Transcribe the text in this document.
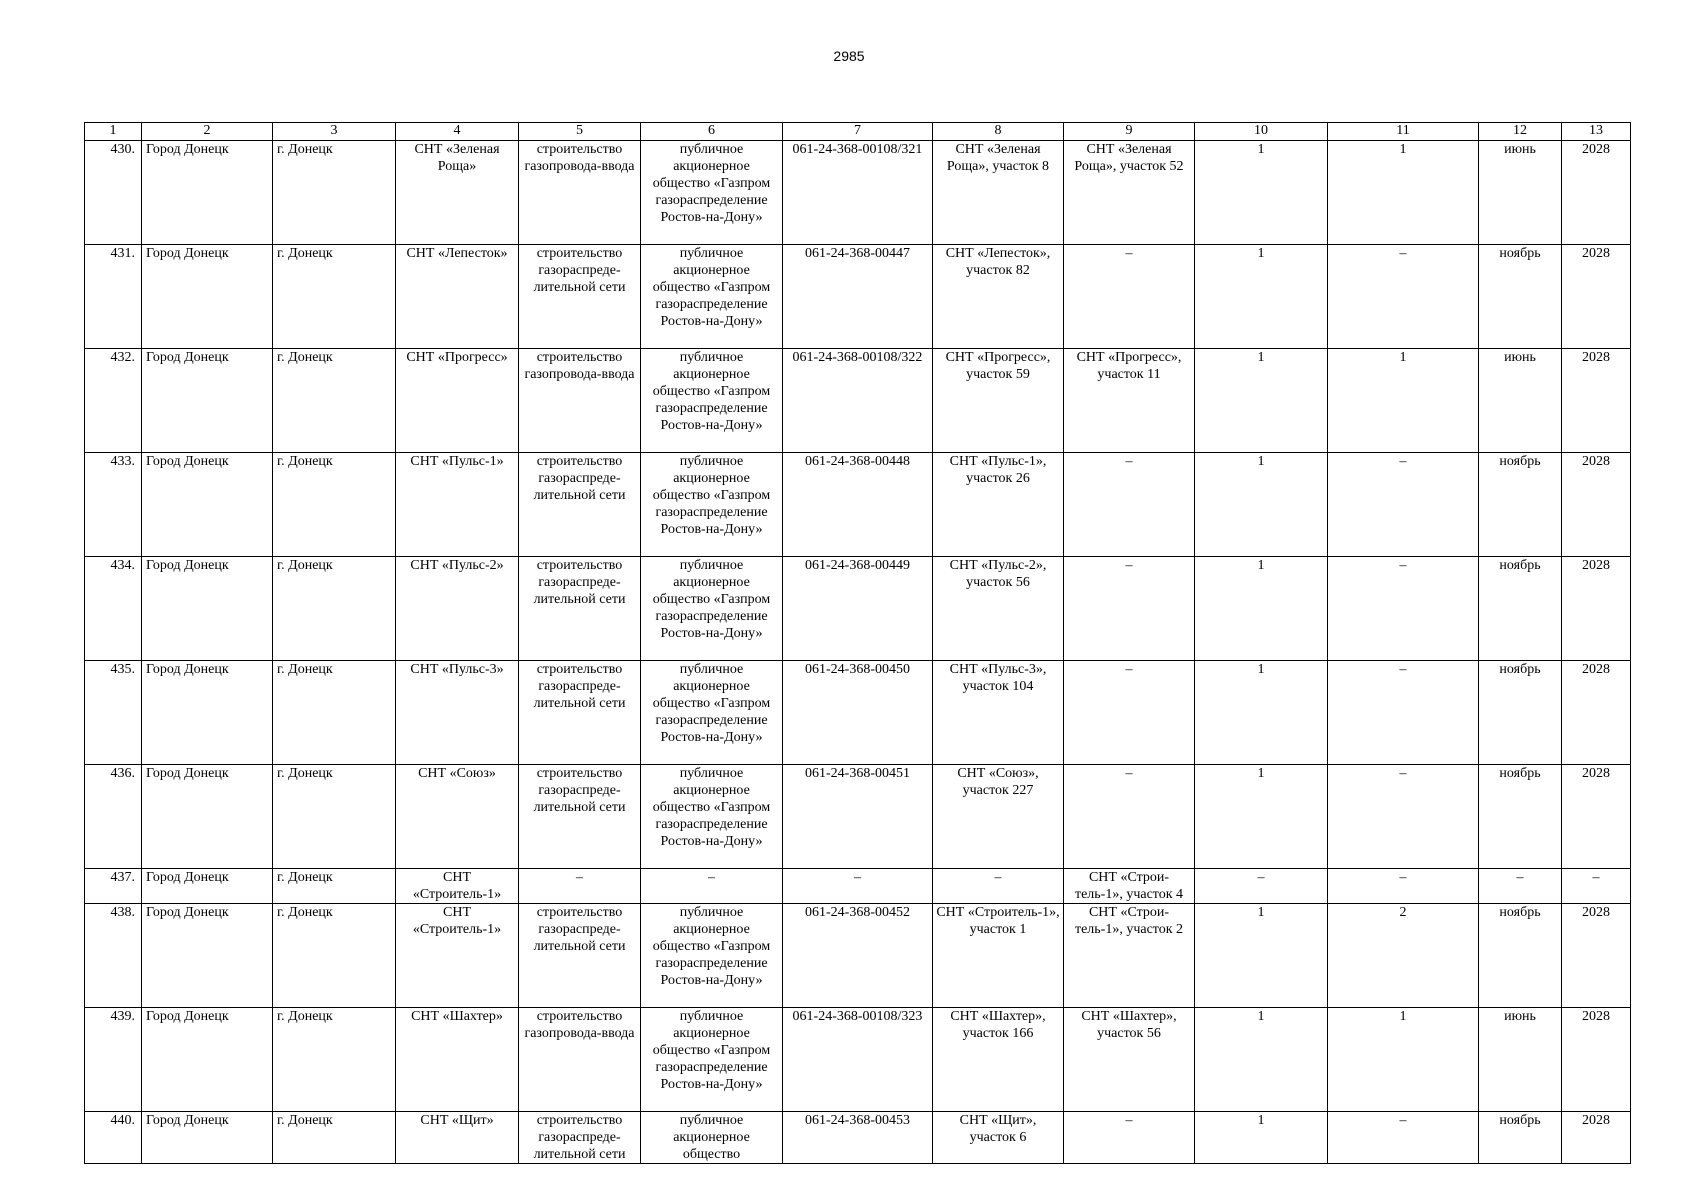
2985
1	2	3	4	5	6	7	8	9	10	11	12	13
430.	Город Донецк	г. Донецк	СНТ «Зеленая Роща»	строительство газопровода-ввода	публичное акционерное общество «Газпром газораспределение Ростов-на-Дону»	061-24-368-00108/321	СНТ «Зеленая Роща», участок 8	СНТ «Зеленая Роща», участок 52	1	1	июнь	2028
431.	Город Донецк	г. Донецк	СНТ «Лепесток»	строительство газораспреде-лительной сети	публичное акционерное общество «Газпром газораспределение Ростов-на-Дону»	061-24-368-00447	СНТ «Лепесток», участок 82	–	1	–	ноябрь	2028
432.	Город Донецк	г. Донецк	СНТ «Прогресс»	строительство газопровода-ввода	публичное акционерное общество «Газпром газораспределение Ростов-на-Дону»	061-24-368-00108/322	СНТ «Прогресс», участок 59	СНТ «Прогресс», участок 11	1	1	июнь	2028
433.	Город Донецк	г. Донецк	СНТ «Пульс-1»	строительство газораспреде-лительной сети	публичное акционерное общество «Газпром газораспределение Ростов-на-Дону»	061-24-368-00448	СНТ «Пульс-1», участок 26	–	1	–	ноябрь	2028
434.	Город Донецк	г. Донецк	СНТ «Пульс-2»	строительство газораспреде-лительной сети	публичное акционерное общество «Газпром газораспределение Ростов-на-Дону»	061-24-368-00449	СНТ «Пульс-2», участок 56	–	1	–	ноябрь	2028
435.	Город Донецк	г. Донецк	СНТ «Пульс-3»	строительство газораспреде-лительной сети	публичное акционерное общество «Газпром газораспределение Ростов-на-Дону»	061-24-368-00450	СНТ «Пульс-3», участок 104	–	1	–	ноябрь	2028
436.	Город Донецк	г. Донецк	СНТ «Союз»	строительство газораспреде-лительной сети	публичное акционерное общество «Газпром газораспределение Ростов-на-Дону»	061-24-368-00451	СНТ «Союз», участок 227	–	1	–	ноябрь	2028
437.	Город Донецк	г. Донецк	СНТ «Строитель-1»	–	–	–	–	СНТ «Строи-тель-1», участок 4	–	–	–	–
438.	Город Донецк	г. Донецк	СНТ «Строитель-1»	строительство газораспреде-лительной сети	публичное акционерное общество «Газпром газораспределение Ростов-на-Дону»	061-24-368-00452	СНТ «Строитель-1», участок 1	СНТ «Строи-тель-1», участок 2	1	2	ноябрь	2028
439.	Город Донецк	г. Донецк	СНТ «Шахтер»	строительство газопровода-ввода	публичное акционерное общество «Газпром газораспределение Ростов-на-Дону»	061-24-368-00108/323	СНТ «Шахтер», участок 166	СНТ «Шахтер», участок 56	1	1	июнь	2028
440.	Город Донецк	г. Донецк	СНТ «Щит»	строительство газораспреде-лительной сети	публичное акционерное общество	061-24-368-00453	СНТ «Щит», участок 6	–	1	–	ноябрь	2028
